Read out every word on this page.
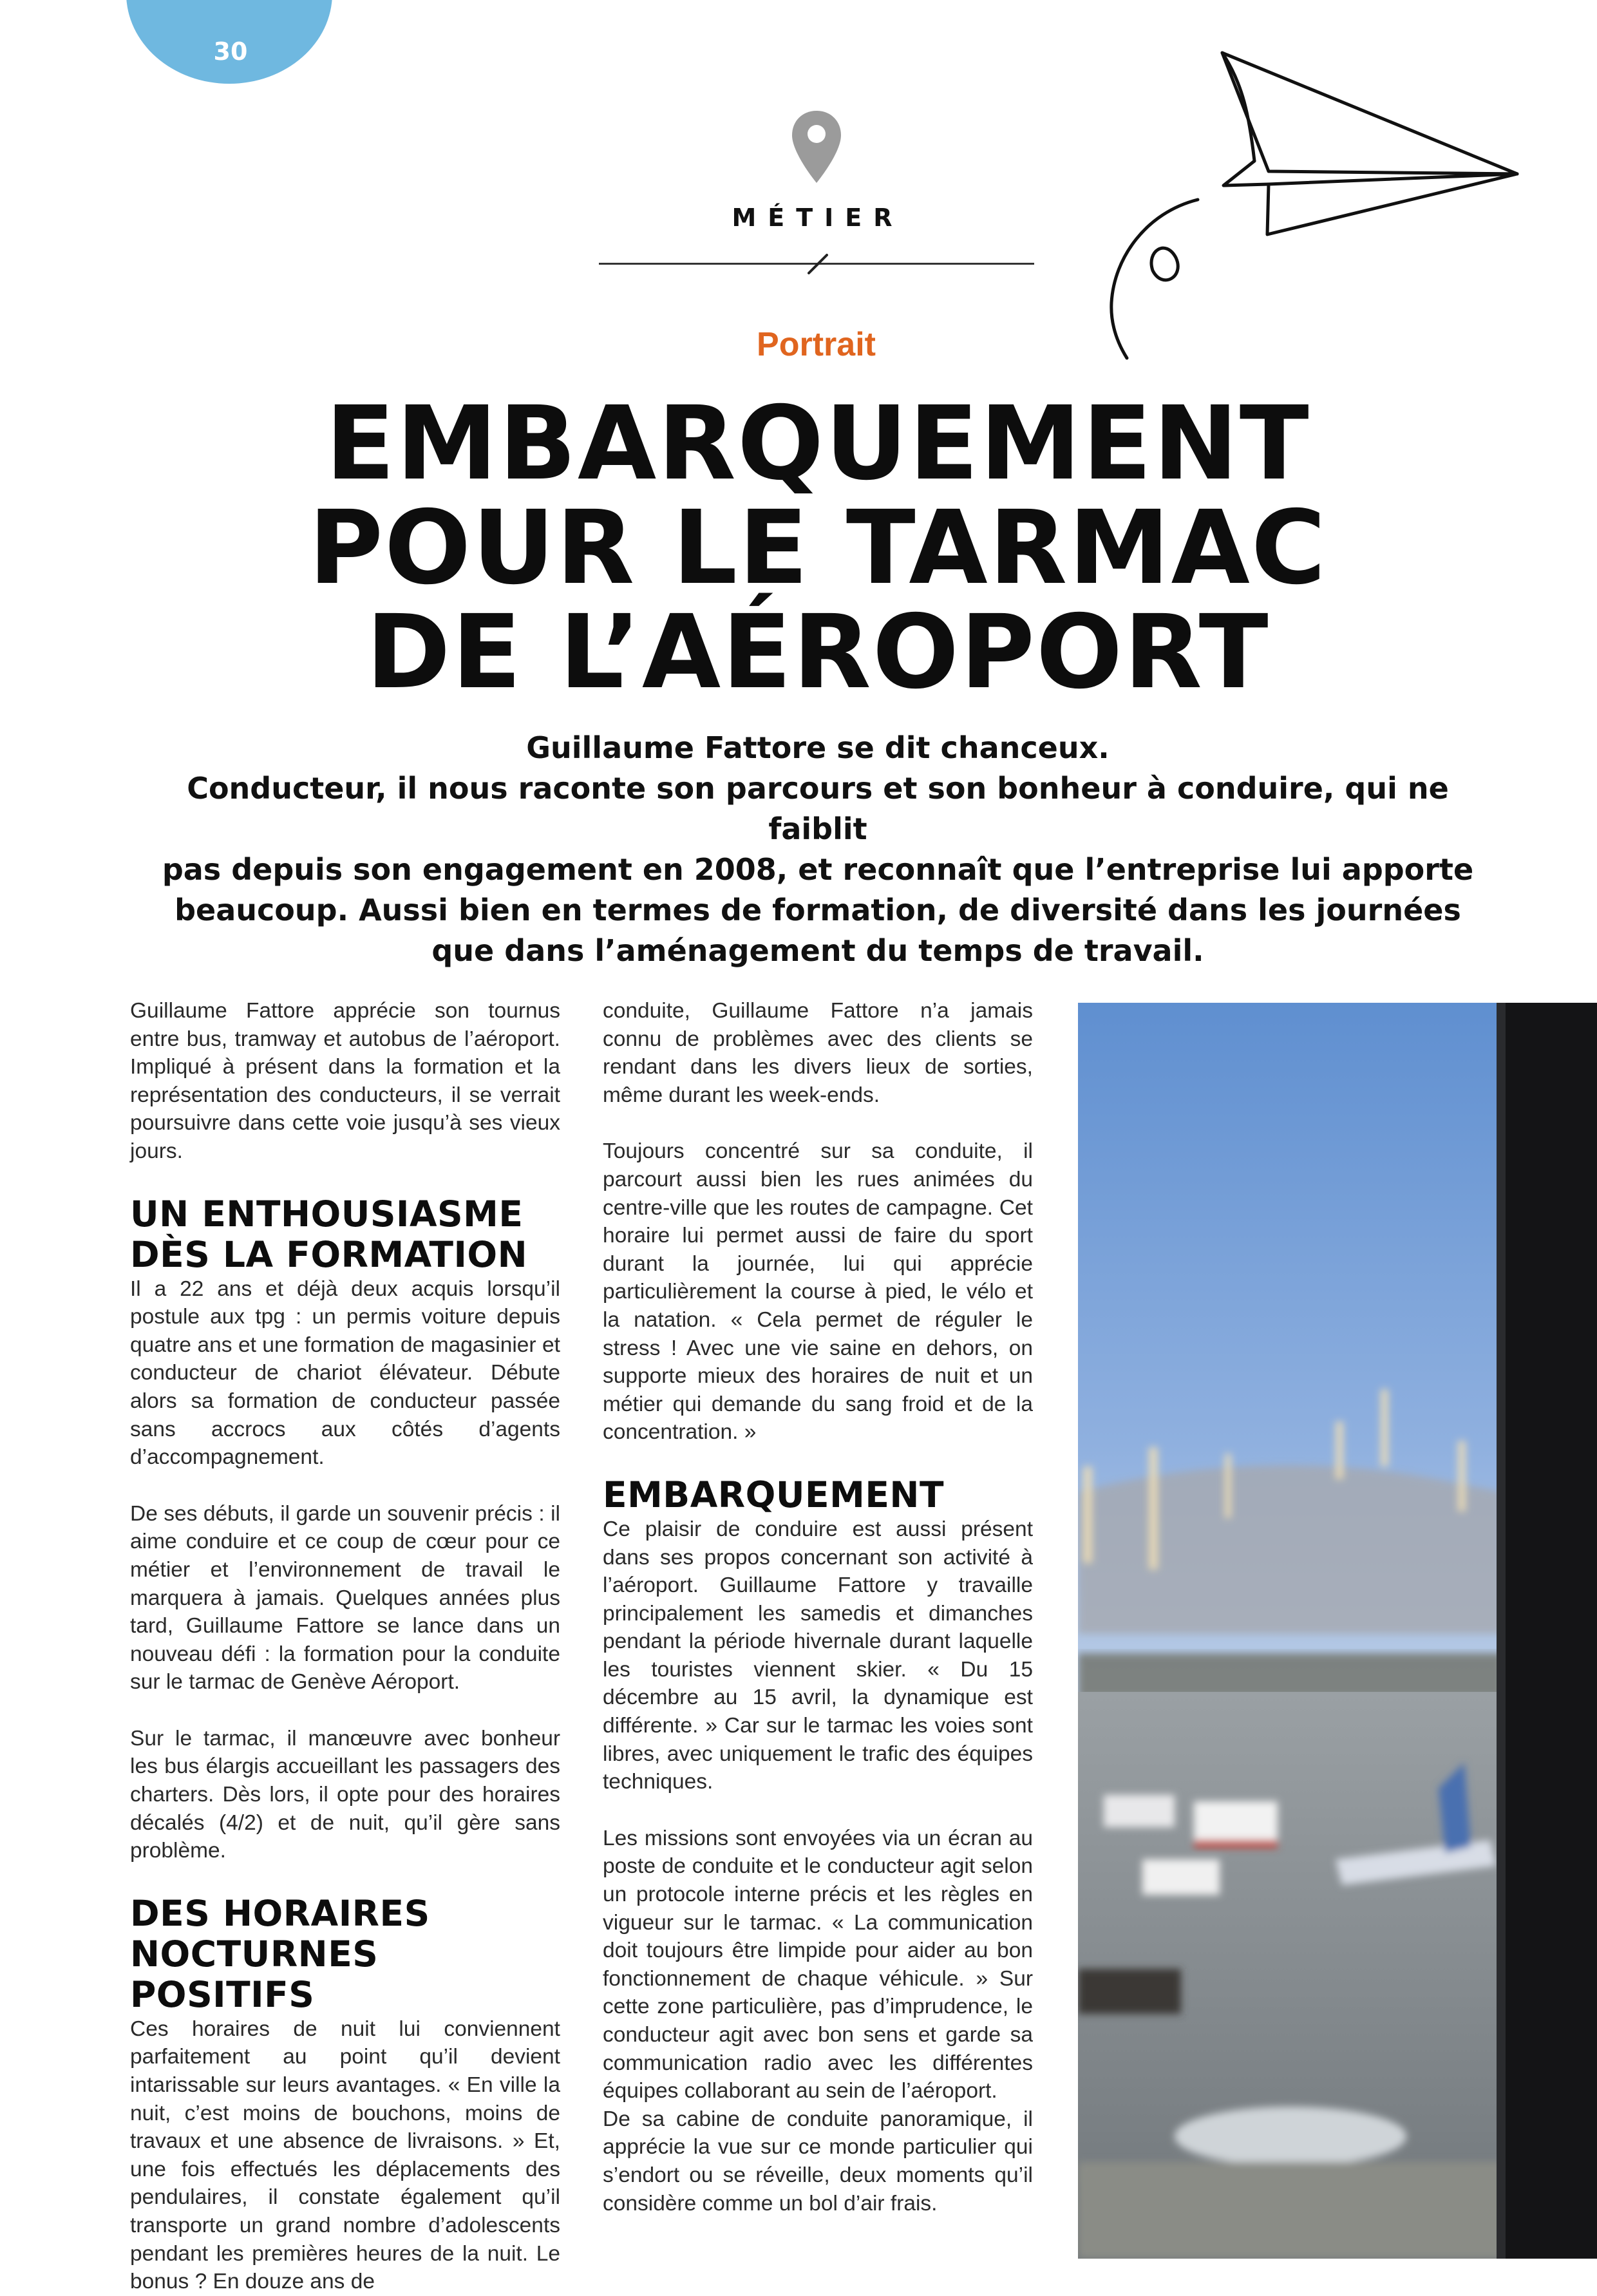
30
MÉTIER
Portrait
EMBARQUEMENT
POUR LE TARMAC
DE L’AÉROPORT
Guillaume Fattore se dit chanceux.
Conducteur, il nous raconte son parcours et son bonheur à conduire, qui ne faiblit
pas depuis son engagement en 2008, et reconnaît que l’entreprise lui apporte
beaucoup. Aussi bien en termes de formation, de diversité dans les journées
que dans l’aménagement du temps de travail.

Guillaume Fattore apprécie son tournus entre bus, tramway et autobus de l’aéroport. Impliqué à présent dans la formation et la représentation des conducteurs, il se verrait poursuivre dans cette voie jusqu’à ses vieux jours.

UN ENTHOUSIASME
DÈS LA FORMATION

Il a 22 ans et déjà deux acquis lorsqu’il postule aux tpg : un permis voiture depuis quatre ans et une formation de magasinier et conducteur de chariot élévateur. Débute alors sa formation de conducteur passée sans accrocs aux côtés d’agents d’accompagnement.

De ses débuts, il garde un souvenir précis : il aime conduire et ce coup de cœur pour ce métier et l’environnement de travail le marquera à jamais. Quelques années plus tard, Guillaume Fattore se lance dans un nouveau défi : la formation pour la conduite sur le tarmac de Genève Aéroport.

Sur le tarmac, il manœuvre avec bonheur les bus élargis accueillant les passagers des charters. Dès lors, il opte pour des horaires décalés (4/2) et de nuit, qu’il gère sans problème.

DES HORAIRES
NOCTURNES POSITIFS

Ces horaires de nuit lui conviennent parfaitement au point qu’il devient intarissable sur leurs avantages. « En ville la nuit, c’est moins de bouchons, moins de travaux et une absence de livraisons. » Et, une fois effectués les déplacements des pendulaires, il constate également qu’il transporte un grand nombre d’adolescents pendant les premières heures de la nuit. Le bonus ? En douze ans de

conduite, Guillaume Fattore n’a jamais connu de problèmes avec des clients se rendant dans les divers lieux de sorties, même durant les week-ends.

Toujours concentré sur sa conduite, il parcourt aussi bien les rues animées du centre-ville que les routes de campagne. Cet horaire lui permet aussi de faire du sport durant la journée, lui qui apprécie particulièrement la course à pied, le vélo et la natation. « Cela permet de réguler le stress ! Avec une vie saine en dehors, on supporte mieux des horaires de nuit et un métier qui demande du sang froid et de la concentration. »

EMBARQUEMENT

Ce plaisir de conduire est aussi présent dans ses propos concernant son activité à l’aéroport. Guillaume Fattore y travaille principalement les samedis et dimanches pendant la période hivernale durant laquelle les touristes viennent skier. « Du 15 décembre au 15 avril, la dynamique est différente. » Car sur le tarmac les voies sont libres, avec uniquement le trafic des équipes techniques.

Les missions sont envoyées via un écran au poste de conduite et le conducteur agit selon un protocole interne précis et les règles en vigueur sur le tarmac. « La communication doit toujours être limpide pour aider au bon fonctionnement de chaque véhicule. » Sur cette zone particulière, pas d’imprudence, le conducteur agit avec bon sens et garde sa communication radio avec les différentes équipes collaborant au sein de l’aéroport.

De sa cabine de conduite panoramique, il apprécie la vue sur ce monde particulier qui s’endort ou se réveille, deux moments qu’il considère comme un bol d’air frais.
